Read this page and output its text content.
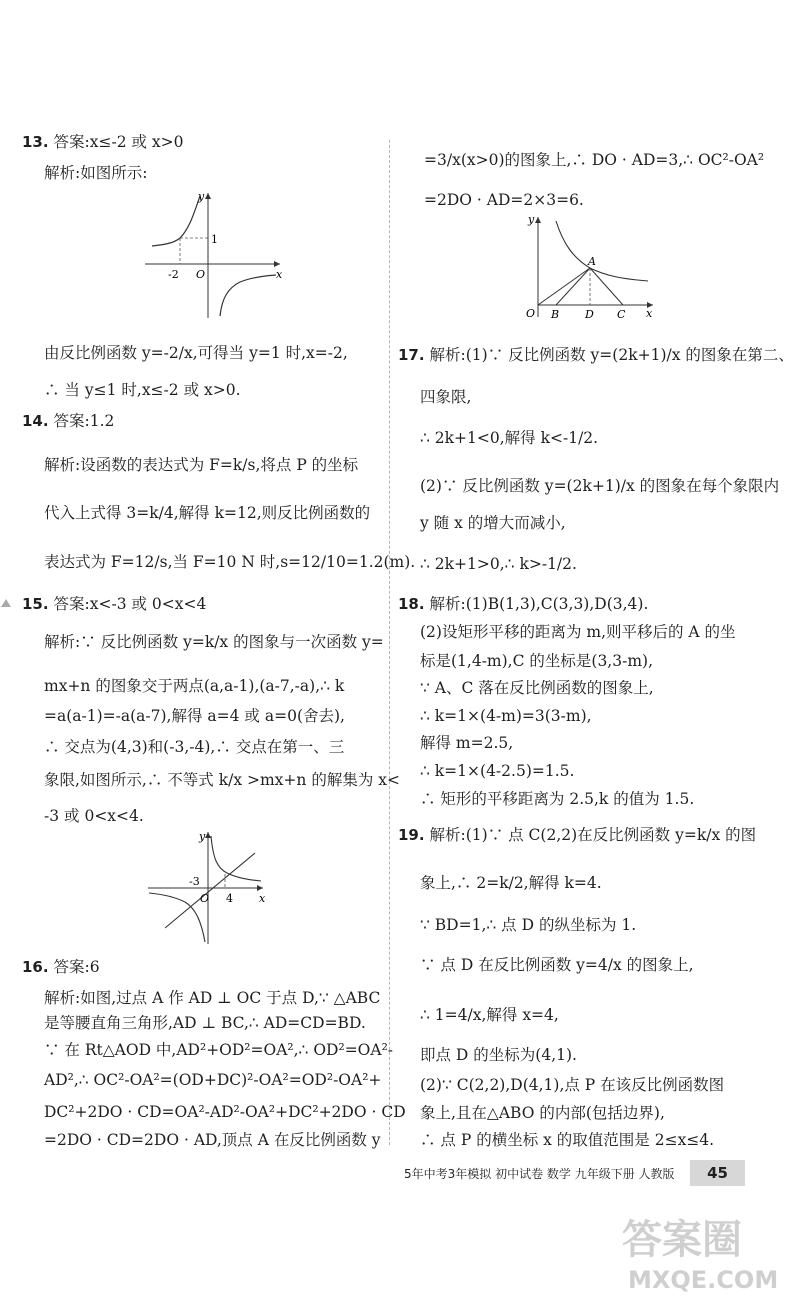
13. 答案:x≤-2 或 x>0
解析:如图所示:
y
x
O
-2
1
由反比例函数 y=-2/x,可得当 y=1 时,x=-2,
∴ 当 y≤1 时,x≤-2 或 x>0.
14. 答案:1.2
解析:设函数的表达式为 F=k/s,将点 P 的坐标
代入上式得 3=k/4,解得 k=12,则反比例函数的
表达式为 F=12/s,当 F=10 N 时,s=12/10=1.2(m).
15. 答案:x<-3 或 0<x<4
解析:∵ 反比例函数 y=k/x 的图象与一次函数 y=
mx+n 的图象交于两点(a,a-1),(a-7,-a),∴ k
=a(a-1)=-a(a-7),解得 a=4 或 a=0(舍去),
∴ 交点为(4,3)和(-3,-4),∴ 交点在第一、三
象限,如图所示,∴ 不等式 k/x >mx+n 的解集为 x<
-3 或 0<x<4.
y
x
O
-3
4
16. 答案:6
解析:如图,过点 A 作 AD ⊥ OC 于点 D,∵ △ABC
是等腰直角三角形,AD ⊥ BC,∴ AD=CD=BD.
∵ 在 Rt△AOD 中,AD²+OD²=OA²,∴ OD²=OA²-
AD²,∴ OC²-OA²=(OD+DC)²-OA²=OD²-OA²+
DC²+2DO · CD=OA²-AD²-OA²+DC²+2DO · CD
=2DO · CD=2DO · AD,顶点 A 在反比例函数 y
=3/x(x>0)的图象上,∴ DO · AD=3,∴ OC²-OA²
=2DO · AD=2×3=6.
y
x
O
A
B D C
17. 解析:(1)∵ 反比例函数 y=(2k+1)/x 的图象在第二、
四象限,
∴ 2k+1<0,解得 k<-1/2.
(2)∵ 反比例函数 y=(2k+1)/x 的图象在每个象限内
y 随 x 的增大而减小,
∴ 2k+1>0,∴ k>-1/2.
18. 解析:(1)B(1,3),C(3,3),D(3,4).
(2)设矩形平移的距离为 m,则平移后的 A 的坐
标是(1,4-m),C 的坐标是(3,3-m),
∵ A、C 落在反比例函数的图象上,
∴ k=1×(4-m)=3(3-m),
解得 m=2.5,
∴ k=1×(4-2.5)=1.5.
∴ 矩形的平移距离为 2.5,k 的值为 1.5.
19. 解析:(1)∵ 点 C(2,2)在反比例函数 y=k/x 的图
象上,∴ 2=k/2,解得 k=4.
∵ BD=1,∴ 点 D 的纵坐标为 1.
∵ 点 D 在反比例函数 y=4/x 的图象上,
∴ 1=4/x,解得 x=4,
即点 D 的坐标为(4,1).
(2)∵ C(2,2),D(4,1),点 P 在该反比例函数图
象上,且在△ABO 的内部(包括边界),
∴ 点 P 的横坐标 x 的取值范围是 2≤x≤4.
5年中考3年模拟 初中试卷 数学 九年级下册 人教版	45
答案圈
MXQE.COM
